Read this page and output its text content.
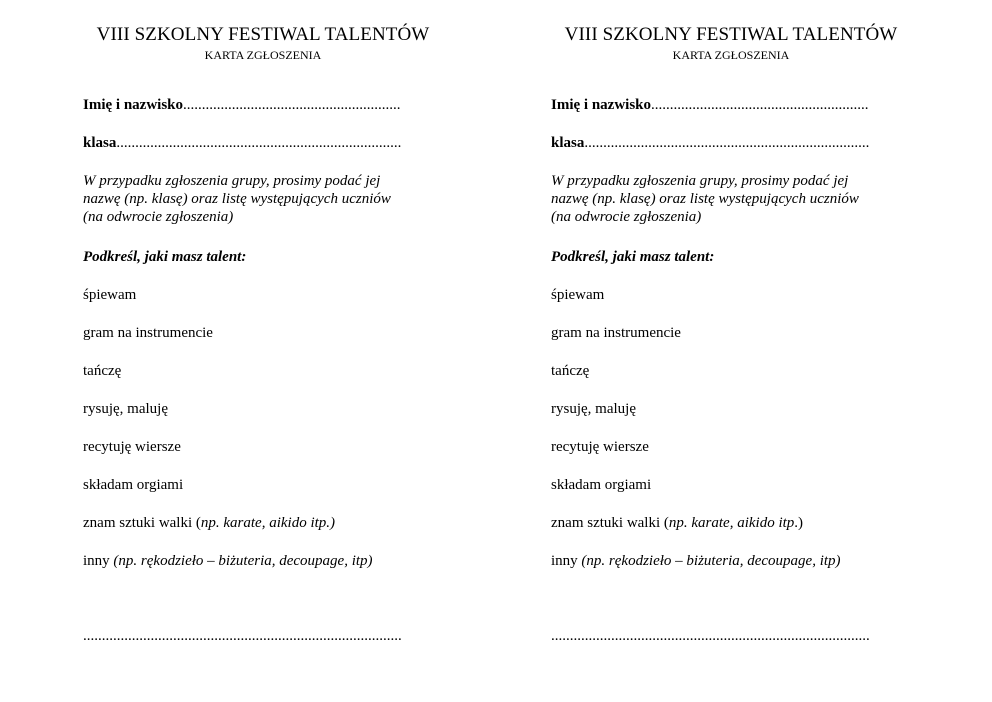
VIII SZKOLNY FESTIWAL TALENTÓW
KARTA ZGŁOSZENIA
Imię i nazwisko..........................................................
klasa............................................................................
W przypadku zgłoszenia grupy, prosimy podać jej
nazwę (np. klasę) oraz listę występujących uczniów
(na odwrocie zgłoszenia)
Podkreśl, jaki masz talent:
śpiewam
gram na instrumencie
tańczę
rysuję, maluję
recytuję wiersze
składam orgiami
znam sztuki walki (np. karate, aikido itp.)
inny (np. rękodzieło – biżuteria, decoupage, itp)
.....................................................................................
VIII SZKOLNY FESTIWAL TALENTÓW
KARTA ZGŁOSZENIA
Imię i nazwisko..........................................................
klasa............................................................................
W przypadku zgłoszenia grupy, prosimy podać jej
nazwę (np. klasę) oraz listę występujących uczniów
(na odwrocie zgłoszenia)
Podkreśl, jaki masz talent:
śpiewam
gram na instrumencie
tańczę
rysuję, maluję
recytuję wiersze
składam orgiami
znam sztuki walki (np. karate, aikido itp.)
inny (np. rękodzieło – biżuteria, decoupage, itp)
.....................................................................................
